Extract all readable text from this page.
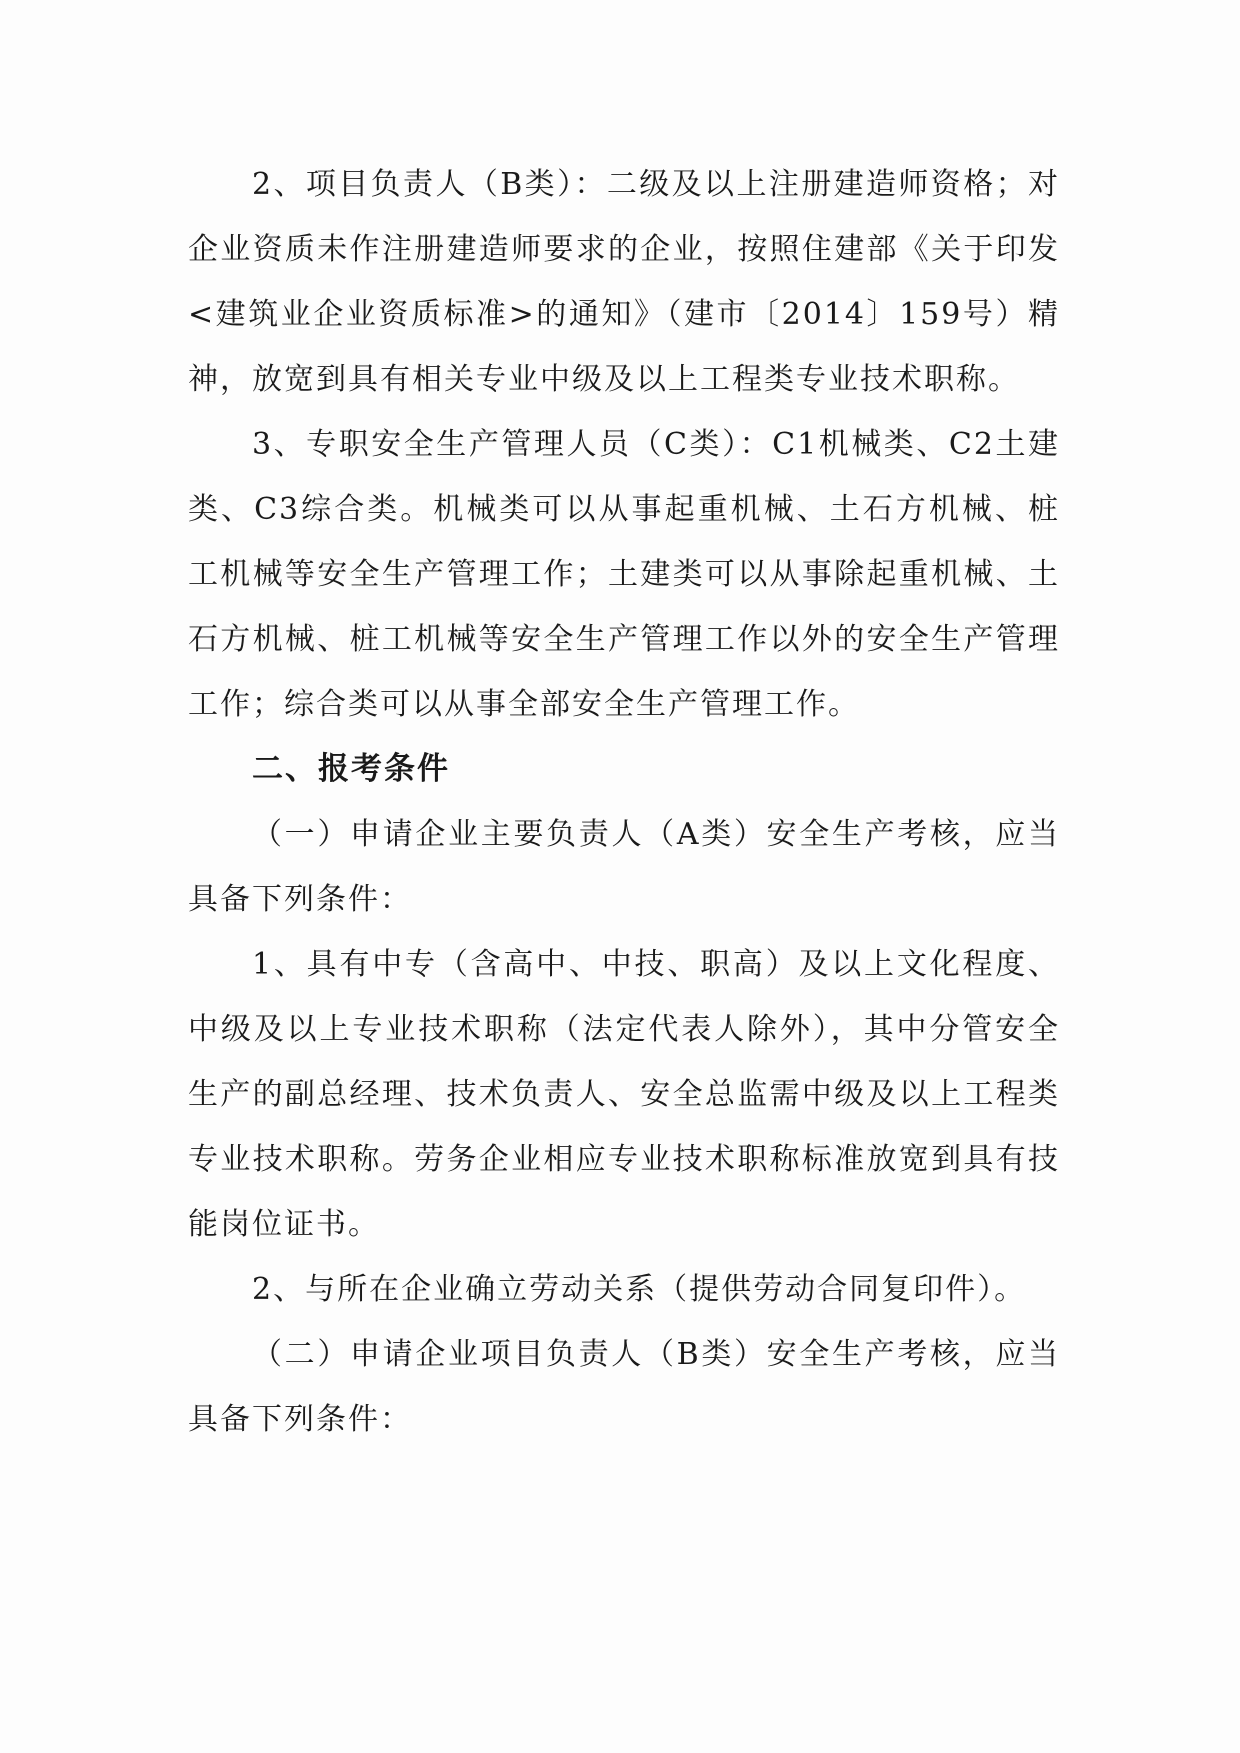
2、项目负责人（B类）：二级及以上注册建造师资格；对企业资质未作注册建造师要求的企业，按照住建部《关于印发<建筑业企业资质标准>的通知》（建市〔2014〕159号）精神，放宽到具有相关专业中级及以上工程类专业技术职称。

3、专职安全生产管理人员（C类）：C1机械类、C2土建类、C3综合类。机械类可以从事起重机械、土石方机械、桩工机械等安全生产管理工作；土建类可以从事除起重机械、土石方机械、桩工机械等安全生产管理工作以外的安全生产管理工作；综合类可以从事全部安全生产管理工作。

二、报考条件

（一）申请企业主要负责人（A类）安全生产考核，应当具备下列条件：

1、具有中专（含高中、中技、职高）及以上文化程度、中级及以上专业技术职称（法定代表人除外），其中分管安全生产的副总经理、技术负责人、安全总监需中级及以上工程类专业技术职称。劳务企业相应专业技术职称标准放宽到具有技能岗位证书。

2、与所在企业确立劳动关系（提供劳动合同复印件）。

（二）申请企业项目负责人（B类）安全生产考核，应当具备下列条件：
